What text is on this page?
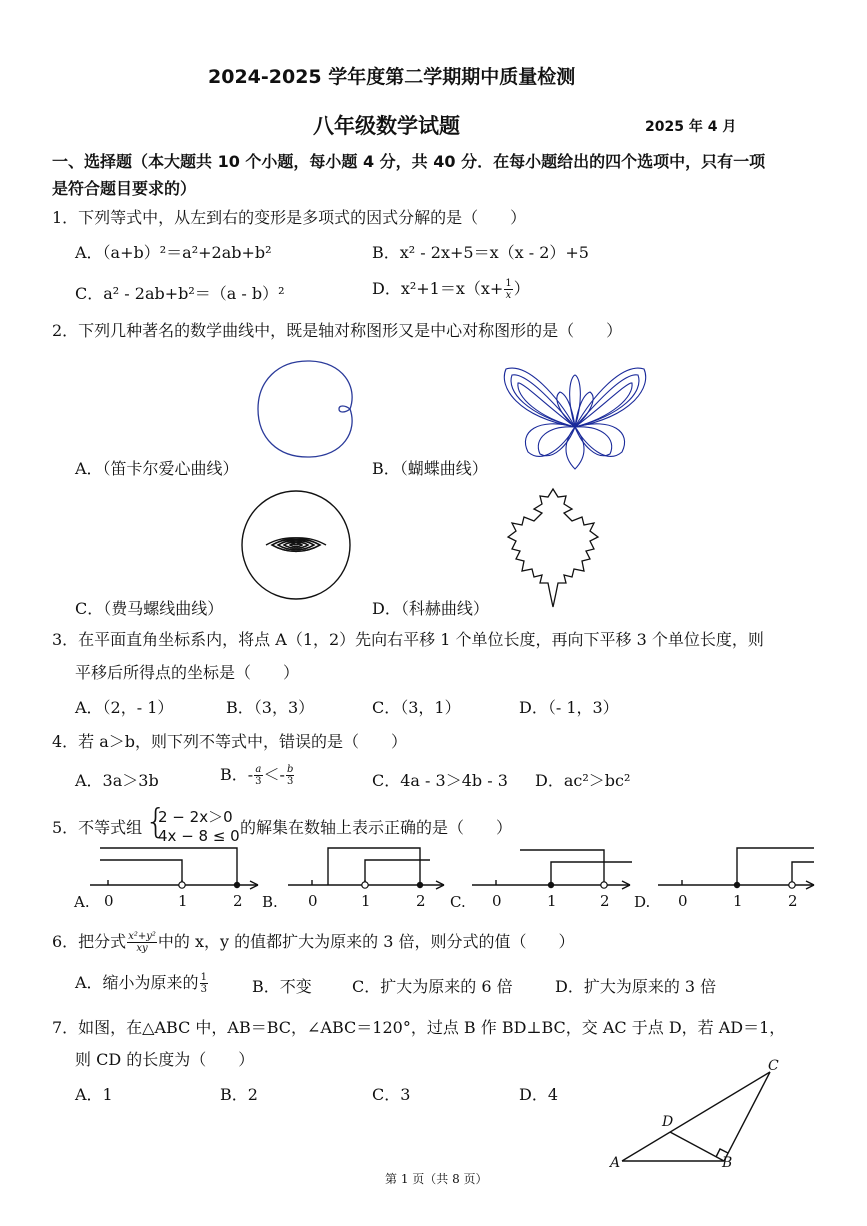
2024-2025 学年度第二学期期中质量检测
八年级数学试题	2025 年 4 月
一、选择题（本大题共 10 个小题，每小题 4 分，共 40 分．在每小题给出的四个选项中，只有一项
是符合题目要求的）
1．下列等式中，从左到右的变形是多项式的因式分解的是（　　）
A．（a+b）²＝a²+2ab+b²	B．x² - 2x+5＝x（x - 2）+5
C．a² - 2ab+b²＝（a - b）²	D．$x^2+1=x(x+ \frac{1}{x}$ ）
2．下列几种著名的数学曲线中，既是轴对称图形又是中心对称图形的是（　　）
A．（笛卡尔爱心曲线）	B．（蝴蝶曲线）
C．（费马螺线曲线）	D．（科赫曲线）
3．在平面直角坐标系内，将点 A（1，2）先向右平移 1 个单位长度，再向下平移 3 个单位长度，则
平移后所得点的坐标是（　　）
A．（2，- 1）	B．（3，3）	C．（3，1）	D．（- 1，3）
4．若 a＞b，则下列不等式中，错误的是（　　）
A．3a＞3b	B．- $\frac{a}{3} <- \frac{b}{3}$	C．4a - 3＞4b - 3 D．ac²＞bc²
5．不等式组 {
2 − 2x＞0
4x − 8 ≤ 0 的解集在数轴上表示正确的是（　　）
A. 0	1	2 B. 0	1	2 C. 0	1	2 D. 0	1	2
6．把分式 $\frac{\text{x²+y²}}{xy}$ 中的 x，y 的值都扩大为原来的 3 倍，则分式的值（　　）
A．缩小为原来的 $\frac{1}{3}$	B．不变	C．扩大为原来的 6 倍	D．扩大为原来的 3 倍
7．如图，在△ABC 中，AB＝BC，∠ABC＝120°，过点 B 作 BD⊥BC，交 AC 于点 D，若 AD＝1，
则 CD 的长度为（　　）
A．1	B．2	C．3	D．4
A	B
C
D
第 1 页（共 8 页）
